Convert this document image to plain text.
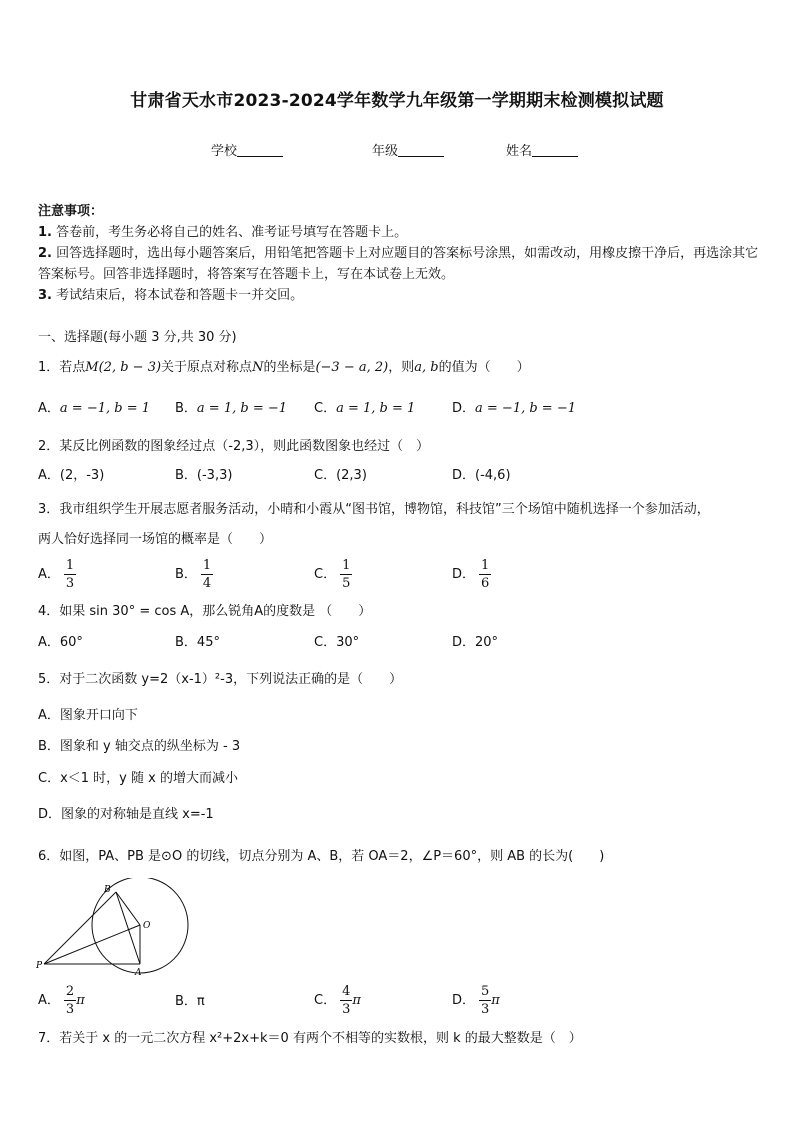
甘肃省天水市2023-2024学年数学九年级第一学期期末检测模拟试题
学校	年级	姓名
注意事项：
1. 答卷前，考生务必将自己的姓名、准考证号填写在答题卡上。
2. 回答选择题时，选出每小题答案后，用铅笔把答题卡上对应题目的答案标号涂黑，如需改动，用橡皮擦干净后，再选涂其它答案标号。回答非选择题时，将答案写在答题卡上，写在本试卷上无效。
3. 考试结束后，将本试卷和答题卡一并交回。
一、选择题(每小题 3 分,共 30 分)
1．若点M(2, b − 3)关于原点对称点N的坐标是(−3 − a, 2)，则a, b的值为（　　）
A．a = −1, b = 1 B．a = 1, b = −1 C．a = 1, b = 1	D．a = −1, b = −1
2．某反比例函数的图象经过点（-2,3），则此函数图象也经过（　）
A．(2，-3)	B．(-3,3)	C．(2,3)	D．(-4,6)
3．我市组织学生开展志愿者服务活动，小晴和小霞从“图书馆，博物馆，科技馆”三个场馆中随机选择一个参加活动，
两人恰好选择同一场馆的概率是（　　）
A． $\frac{1}{3}$	B． $\frac{1}{4}$	C． $\frac{1}{5}$	D． $\frac{1}{6}$
4．如果 sin 30° = cos A，那么锐角A的度数是 （　　）
A．60°	B．45°	C．30°	D．20°
5．对于二次函数 y=2（x-1）²-3，下列说法正确的是（　　）
A．图象开口向下
B．图象和 y 轴交点的纵坐标为 - 3
C．x＜1 时，y 随 x 的增大而减小
D．图象的对称轴是直线 x=-1
6．如图，PA、PB 是⊙O 的切线，切点分别为 A、B，若 OA＝2，∠P＝60°，则 AB 的长为(　　)
B
O
P
A
A． $\frac{2}{3}$ π	B．π	C． $\frac{4}{3}$ π	D． $\frac{5}{3}$ π
7．若关于 x 的一元二次方程 x²+2x+k＝0 有两个不相等的实数根，则 k 的最大整数是（　）
